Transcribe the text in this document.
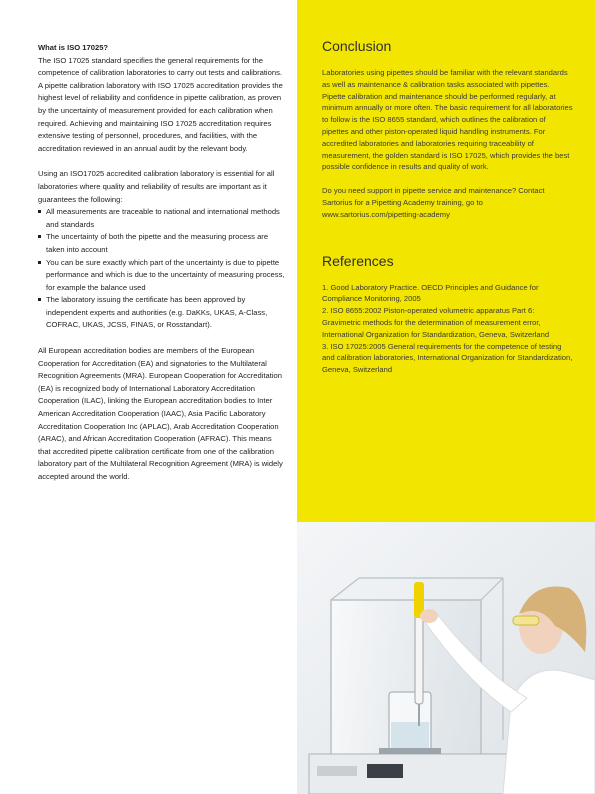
What is ISO 17025?

The ISO 17025 standard specifies the general requirements for the competence of calibration laboratories to carry out tests and calibrations. A pipette calibration laboratory with ISO 17025 accreditation provides the highest level of reliability and confidence in pipette calibration, as proven by the uncertainty of measurement provided for each calibration when required. Achieving and maintaining ISO 17025 accreditation requires extensive testing of personnel, procedures, and facilities, with the accreditation reviewed in an annual audit by the relevant body.

Using an ISO17025 accredited calibration laboratory is essential for all laboratories where quality and reliability of results are important as it guarantees the following:

All measurements are traceable to national and international methods and standards
The uncertainty of both the pipette and the measuring process are taken into account
You can be sure exactly which part of the uncertainty is due to pipette performance and which is due to the uncertainty of measuring process, for example the balance used
The laboratory issuing the certificate has been approved by independent experts and authorities (e.g. DaKKs, UKAS, A-Class, COFRAC, UKAS, JCSS, FINAS, or Rosstandart).

All European accreditation bodies are members of the European Cooperation for Accreditation (EA) and signatories to the Multilateral Recognition Agreements (MRA). European Cooperation for Accreditation (EA) is recognized body of International Laboratory Accreditation Cooperation (ILAC), linking the European accreditation bodies to Inter American Accreditation Cooperation (IAAC), Asia Pacific Laboratory Accreditation Cooperation Inc (APLAC), Arab Accreditation Cooperation (ARAC), and African Accreditation Cooperation (AFRAC). This means that accredited pipette calibration certificate from one of the calibration laboratory part of the Multilateral Recognition Agreement (MRA) is widely accepted around the world.

Conclusion

Laboratories using pipettes should be familiar with the relevant standards as well as maintenance & calibration tasks associated with pipettes. Pipette calibration and maintenance should be performed regularly, at minimum annually or more often. The basic requirement for all laboratories to follow is the ISO 8655 standard, which outlines the calibration of pipettes and other piston-operated liquid handling instruments. For accredited laboratories and laboratories requiring traceability of measurement, the golden standard is ISO 17025, which provides the best possible confidence in results and quality of work.

Do you need support in pipette service and maintenance? Contact Sartorius for a Pipetting Academy training, go to www.sartorius.com/pipetting-academy

References

1. Good Laboratory Practice. OECD Principles and Guidance for Compliance Monitoring, 2005

2. ISO 8655:2002 Piston-operated volumetric apparatus Part 6: Gravimetric methods for the determination of measurement error, International Organization for Standardization, Geneva, Switzerland

3. ISO 17025:2005 General requirements for the competence of testing and calibration laboratories, International Organization for Standardization, Geneva, Switzerland
